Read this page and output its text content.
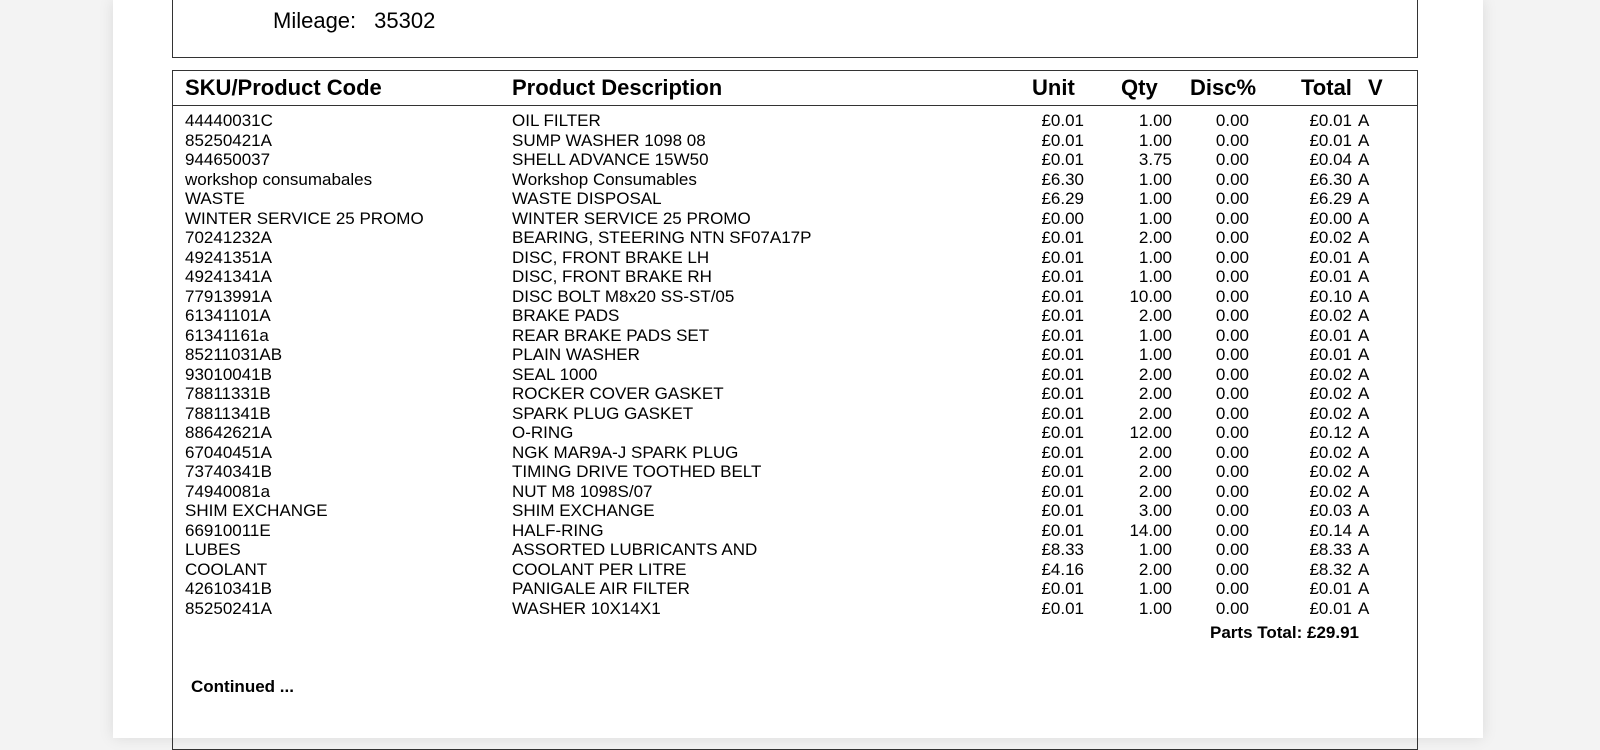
Mileage: 35302
SKU/Product Code	Product Description	Unit Qty Disc% Total V
44440031C	OIL FILTER	£0.01	1.00	0.00	£0.01 A
85250421A	SUMP WASHER 1098 08	£0.01	1.00	0.00	£0.01 A
944650037	SHELL ADVANCE 15W50	£0.01	3.75	0.00	£0.04 A
workshop consumabales	Workshop Consumables	£6.30	1.00	0.00	£6.30 A
WASTE	WASTE DISPOSAL	£6.29	1.00	0.00	£6.29 A
WINTER SERVICE 25 PROMO	WINTER SERVICE 25 PROMO	£0.00	1.00	0.00	£0.00 A
70241232A	BEARING, STEERING NTN SF07A17P	£0.01	2.00	0.00	£0.02 A
49241351A	DISC, FRONT BRAKE LH	£0.01	1.00	0.00	£0.01 A
49241341A	DISC, FRONT BRAKE RH	£0.01	1.00	0.00	£0.01 A
77913991A	DISC BOLT M8x20 SS-ST/05	£0.01	10.00	0.00	£0.10 A
61341101A	BRAKE PADS	£0.01	2.00	0.00	£0.02 A
61341161a	REAR BRAKE PADS SET	£0.01	1.00	0.00	£0.01 A
85211031AB	PLAIN WASHER	£0.01	1.00	0.00	£0.01 A
93010041B	SEAL 1000	£0.01	2.00	0.00	£0.02 A
78811331B	ROCKER COVER GASKET	£0.01	2.00	0.00	£0.02 A
78811341B	SPARK PLUG GASKET	£0.01	2.00	0.00	£0.02 A
88642621A	O-RING	£0.01	12.00	0.00	£0.12 A
67040451A	NGK MAR9A-J SPARK PLUG	£0.01	2.00	0.00	£0.02 A
73740341B	TIMING DRIVE TOOTHED BELT	£0.01	2.00	0.00	£0.02 A
74940081a	NUT M8 1098S/07	£0.01	2.00	0.00	£0.02 A
SHIM EXCHANGE	SHIM EXCHANGE	£0.01	3.00	0.00	£0.03 A
66910011E	HALF-RING	£0.01	14.00	0.00	£0.14 A
LUBES	ASSORTED LUBRICANTS AND	£8.33	1.00	0.00	£8.33 A
COOLANT	COOLANT PER LITRE	£4.16	2.00	0.00	£8.32 A
42610341B	PANIGALE AIR FILTER	£0.01	1.00	0.00	£0.01 A
85250241A	WASHER 10X14X1	£0.01	1.00	0.00	£0.01 A
Parts Total: £29.91
Continued ...
